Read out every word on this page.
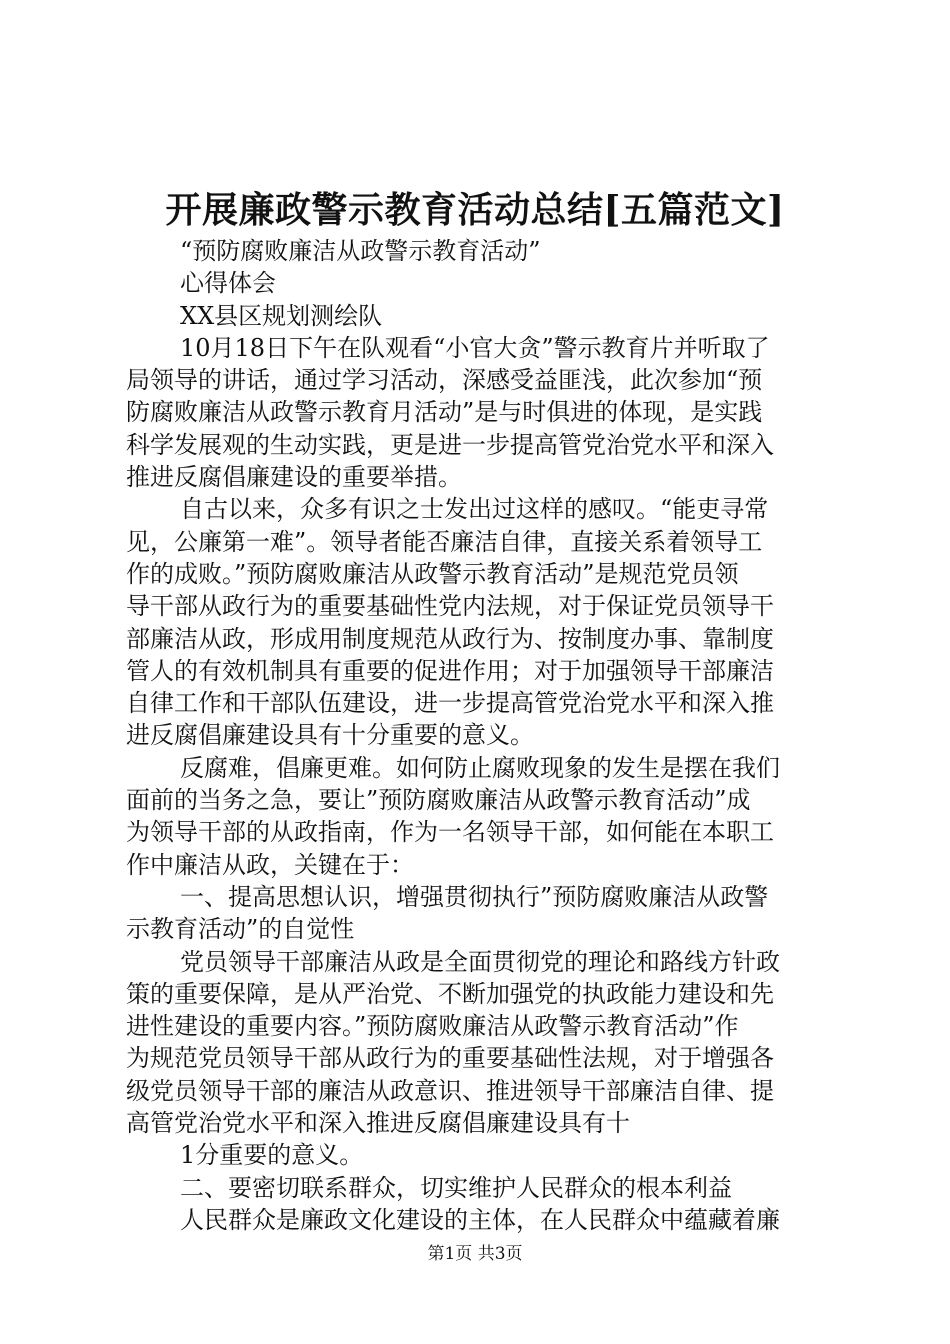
开展廉政警示教育活动总结[五篇范文]
“预防腐败廉洁从政警示教育活动”
心得体会
XX县区规划测绘队
10月18日下午在队观看“小官大贪”警示教育片并听取了
局领导的讲话，通过学习活动，深感受益匪浅，此次参加“预
防腐败廉洁从政警示教育月活动”是与时俱进的体现，是实践
科学发展观的生动实践，更是进一步提高管党治党水平和深入
推进反腐倡廉建设的重要举措。
自古以来，众多有识之士发出过这样的感叹。“能吏寻常
见，公廉第一难”。领导者能否廉洁自律，直接关系着领导工
作的成败。”预防腐败廉洁从政警示教育活动”是规范党员领
导干部从政行为的重要基础性党内法规，对于保证党员领导干
部廉洁从政，形成用制度规范从政行为、按制度办事、靠制度
管人的有效机制具有重要的促进作用；对于加强领导干部廉洁
自律工作和干部队伍建设，进一步提高管党治党水平和深入推
进反腐倡廉建设具有十分重要的意义。
反腐难，倡廉更难。如何防止腐败现象的发生是摆在我们
面前的当务之急，要让”预防腐败廉洁从政警示教育活动”成
为领导干部的从政指南，作为一名领导干部，如何能在本职工
作中廉洁从政，关键在于：
一、提高思想认识，增强贯彻执行”预防腐败廉洁从政警
示教育活动”的自觉性
党员领导干部廉洁从政是全面贯彻党的理论和路线方针政
策的重要保障，是从严治党、不断加强党的执政能力建设和先
进性建设的重要内容。”预防腐败廉洁从政警示教育活动”作
为规范党员领导干部从政行为的重要基础性法规，对于增强各
级党员领导干部的廉洁从政意识、推进领导干部廉洁自律、提
高管党治党水平和深入推进反腐倡廉建设具有十
1分重要的意义。
二、要密切联系群众，切实维护人民群众的根本利益
人民群众是廉政文化建设的主体，在人民群众中蕴藏着廉
第1页 共3页
